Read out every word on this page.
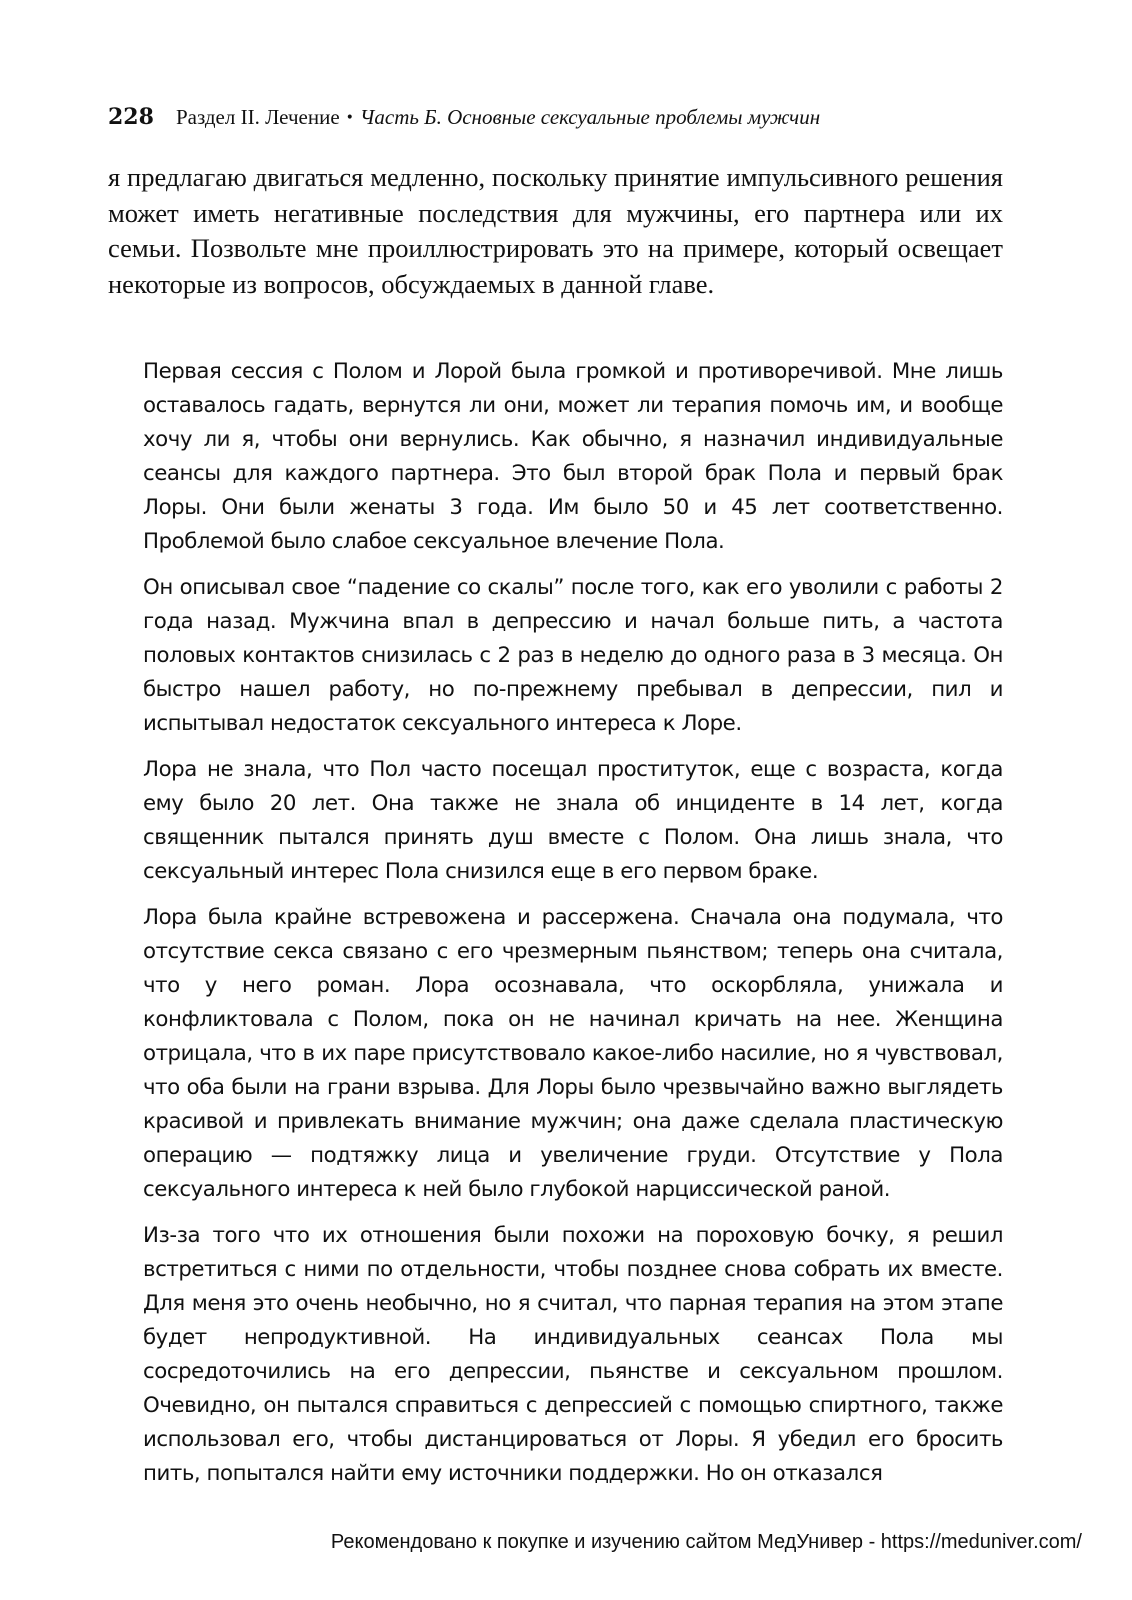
228 Раздел II. Лечение • Часть Б. Основные сексуальные проблемы мужчин

я предлагаю двигаться медленно, поскольку принятие импульсивного решения может иметь негативные последствия для мужчины, его партнера или их семьи. Позвольте мне проиллюстрировать это на примере, который освещает некоторые из вопросов, обсуждаемых в данной главе.

Первая сессия с Полом и Лорой была громкой и противоречивой. Мне лишь оставалось гадать, вернутся ли они, может ли терапия помочь им, и вообще хочу ли я, чтобы они вернулись. Как обычно, я назначил индивидуальные сеансы для каждого партнера. Это был второй брак Пола и первый брак Лоры. Они были женаты 3 года. Им было 50 и 45 лет соответственно. Проблемой было слабое сексуальное влечение Пола.

Он описывал свое “падение со скалы” после того, как его уволили с работы 2 года назад. Мужчина впал в депрессию и начал больше пить, а частота половых контактов снизилась с 2 раз в неделю до одного раза в 3 месяца. Он быстро нашел работу, но по-прежнему пребывал в депрессии, пил и испытывал недостаток сексуального интереса к Лоре.

Лора не знала, что Пол часто посещал проституток, еще с возраста, когда ему было 20 лет. Она также не знала об инциденте в 14 лет, когда священник пытался принять душ вместе с Полом. Она лишь знала, что сексуальный интерес Пола снизился еще в его первом браке.

Лора была крайне встревожена и рассержена. Сначала она подумала, что отсутствие секса связано с его чрезмерным пьянством; теперь она считала, что у него роман. Лора осознавала, что оскорбляла, унижала и конфликтовала с Полом, пока он не начинал кричать на нее. Женщина отрицала, что в их паре присутствовало какое-либо насилие, но я чувствовал, что оба были на грани взрыва. Для Лоры было чрезвычайно важно выглядеть красивой и привлекать внимание мужчин; она даже сделала пластическую операцию — подтяжку лица и увеличение груди. Отсутствие у Пола сексуального интереса к ней было глубокой нарциссической раной.

Из-за того что их отношения были похожи на пороховую бочку, я решил встретиться с ними по отдельности, чтобы позднее снова собрать их вместе. Для меня это очень необычно, но я считал, что парная терапия на этом этапе будет непродуктивной. На индивидуальных сеансах Пола мы сосредоточились на его депрессии, пьянстве и сексуальном прошлом. Очевидно, он пытался справиться с депрессией с помощью спиртного, также использовал его, чтобы дистанцироваться от Лоры. Я убедил его бросить пить, попытался найти ему источники поддержки. Но он отказался

Рекомендовано к покупке и изучению сайтом МедУнивер - https://meduniver.com/
